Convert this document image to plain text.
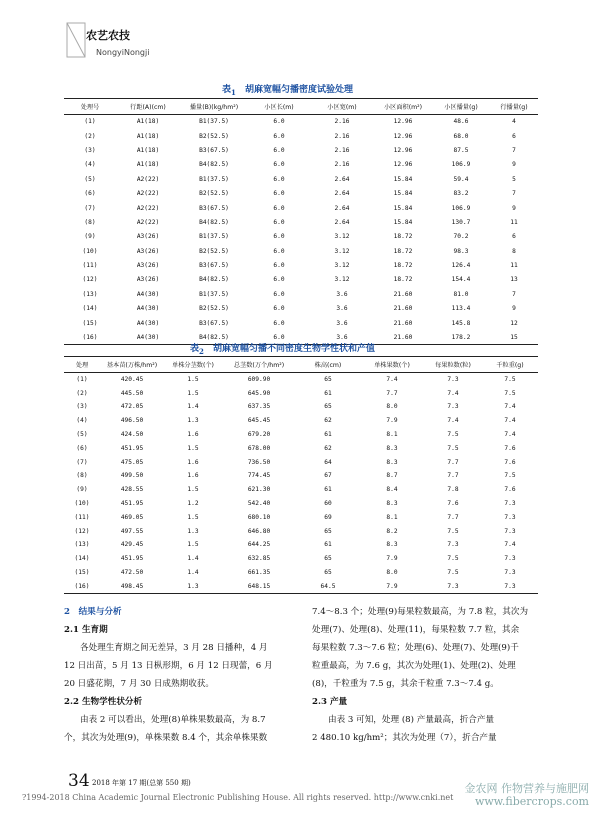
农艺农技
NongyiNongji
表$_1$ 胡麻宽幅匀播密度试验处理
处理号	行距(A)(cm)	播量(B)(kg/hm²)	小区长(m)	小区宽(m)	小区面积(m²)	小区播量(g)	行播量(g)
(1)	A1(18)	B1(37.5)	6.0	2.16	12.96	48.6	4
(2)	A1(18)	B2(52.5)	6.0	2.16	12.96	68.0	6
(3)	A1(18)	B3(67.5)	6.0	2.16	12.96	87.5	7
(4)	A1(18)	B4(82.5)	6.0	2.16	12.96	106.9	9
(5)	A2(22)	B1(37.5)	6.0	2.64	15.84	59.4	5
(6)	A2(22)	B2(52.5)	6.0	2.64	15.84	83.2	7
(7)	A2(22)	B3(67.5)	6.0	2.64	15.84	106.9	9
(8)	A2(22)	B4(82.5)	6.0	2.64	15.84	130.7	11
(9)	A3(26)	B1(37.5)	6.0	3.12	18.72	70.2	6
(10)	A3(26)	B2(52.5)	6.0	3.12	18.72	98.3	8
(11)	A3(26)	B3(67.5)	6.0	3.12	18.72	126.4	11
(12)	A3(26)	B4(82.5)	6.0	3.12	18.72	154.4	13
(13)	A4(30)	B1(37.5)	6.0	3.6	21.60	81.0	7
(14)	A4(30)	B2(52.5)	6.0	3.6	21.60	113.4	9
(15)	A4(30)	B3(67.5)	6.0	3.6	21.60	145.8	12
(16)	A4(30)	B4(82.5)	6.0	3.6	21.60	178.2	15
表$_2$ 胡麻宽幅匀播不同密度生物学性状和产值
处理	基本苗(万株/hm²)	单株分茎数(个)	总茎数(万个/hm²)	株高(cm)	单株果数(个)	每果粒数(粒)	千粒重(g)
(1)	420.45	1.5	609.90	65	7.4	7.3	7.5
(2)	445.50	1.5	645.90	61	7.7	7.4	7.5
(3)	472.05	1.4	637.35	65	8.0	7.3	7.4
(4)	496.50	1.3	645.45	62	7.9	7.4	7.4
(5)	424.50	1.6	679.20	61	8.1	7.5	7.4
(6)	451.95	1.5	678.00	62	8.3	7.5	7.6
(7)	475.05	1.6	736.50	64	8.3	7.7	7.6
(8)	499.50	1.6	774.45	67	8.7	7.7	7.5
(9)	428.55	1.5	621.30	61	8.4	7.8	7.6
(10)	451.95	1.2	542.40	60	8.3	7.6	7.3
(11)	469.05	1.5	680.10	69	8.1	7.7	7.3
(12)	497.55	1.3	646.80	65	8.2	7.5	7.3
(13)	429.45	1.5	644.25	61	8.3	7.3	7.4
(14)	451.95	1.4	632.85	65	7.9	7.5	7.3
(15)	472.50	1.4	661.35	65	8.0	7.5	7.3
(16)	498.45	1.3	648.15	64.5	7.9	7.3	7.3
2　结果与分析
2.1 生育期
各处理生育期之间无差异，3 月 28 日播种，4 月
12 日出苗，5 月 13 日枞形期，6 月 12 日现蕾，6 月
20 日盛花期，7 月 30 日成熟期收获。
2.2 生物学性状分析
由表 2 可以看出，处理(8)单株果数最高，为 8.7
个，其次为处理(9)，单株果数 8.4 个，其余单株果数
7.4～8.3 个；处理(9)每果粒数最高，为 7.8 粒，其次为
处理(7)、处理(8)、处理(11)，每果粒数 7.7 粒，其余
每果粒数 7.3～7.6 粒；处理(6)、处理(7)、处理(9)千
粒重最高，为 7.6 g，其次为处理(1)、处理(2)、处理
(8)，千粒重为 7.5 g，其余千粒重 7.3～7.4 g。
2.3 产量
由表 3 可知，处理 (8) 产量最高，折合产量
2 480.10 kg/hm²；其次为处理（7），折合产量
34 2018 年第 17 期(总第 550 期)
?1994-2018 China Academic Journal Electronic Publishing House. All rights reserved. http://www.cnki.net
金农网 作物营养与施肥网
www.fibercrops.com
